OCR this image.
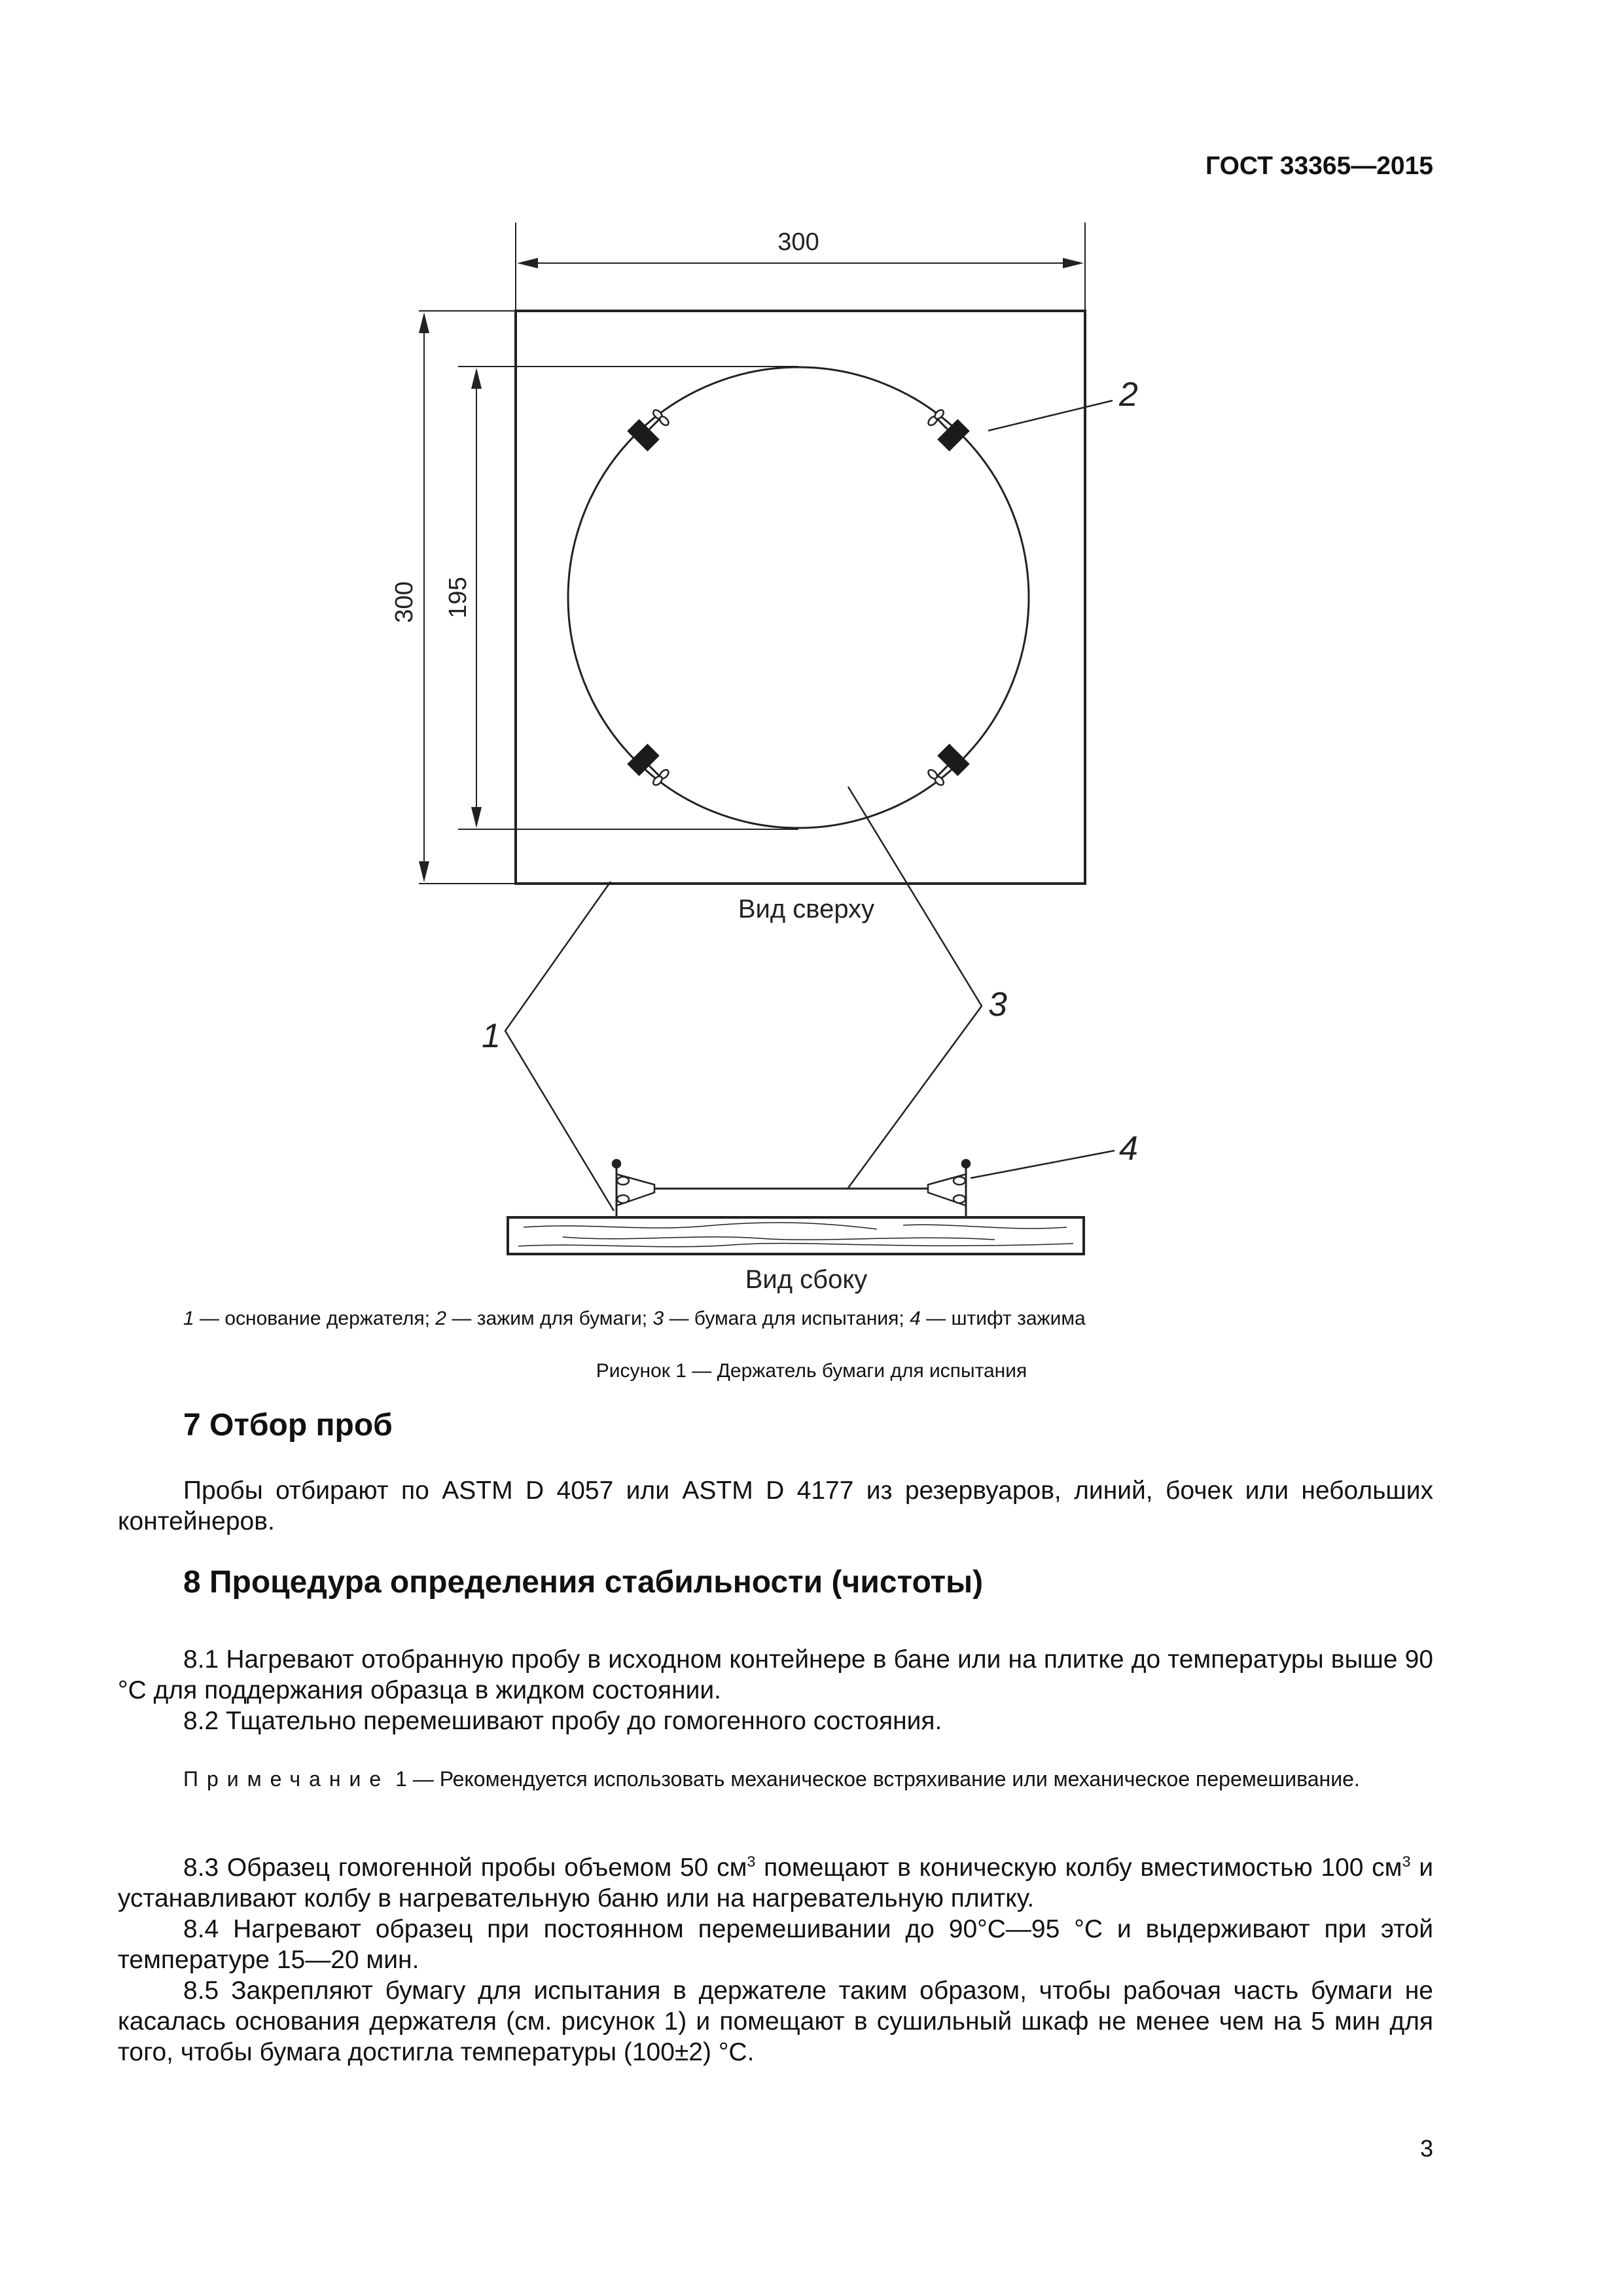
ГОСТ 33365—2015
300
300 195
Вид сверху
Вид сбоку
1
2
3
4
1 — основание держателя; 2 — зажим для бумаги; 3 — бумага для испытания; 4 — штифт зажима
Рисунок 1 — Держатель бумаги для испытания
7 Отбор проб

Пробы отбирают по ASTM D 4057 или ASTM D 4177 из резервуаров, линий, бочек или небольших контейнеров.

8 Процедура определения стабильности (чистоты)

8.1 Нагревают отобранную пробу в исходном контейнере в бане или на плитке до температуры выше 90 °С для поддержания образца в жидком состоянии.

8.2 Тщательно перемешивают пробу до гомогенного состояния.

Примечание 1 — Рекомендуется использовать механическое встряхивание или механическое перемешивание.

8.3 Образец гомогенной пробы объемом 50 $см^3$ помещают в коническую колбу вместимостью 100 $см^3$ и устанавливают колбу в нагревательную баню или на нагревательную плитку.

8.4 Нагревают образец при постоянном перемешивании до 90°С—95 °С и выдерживают при этой температуре 15—20 мин.

8.5 Закрепляют бумагу для испытания в держателе таким образом, чтобы рабочая часть бумаги не касалась основания держателя (см. рисунок 1) и помещают в сушильный шкаф не менее чем на 5 мин для того, чтобы бумага достигла температуры (100±2) °С.

3
